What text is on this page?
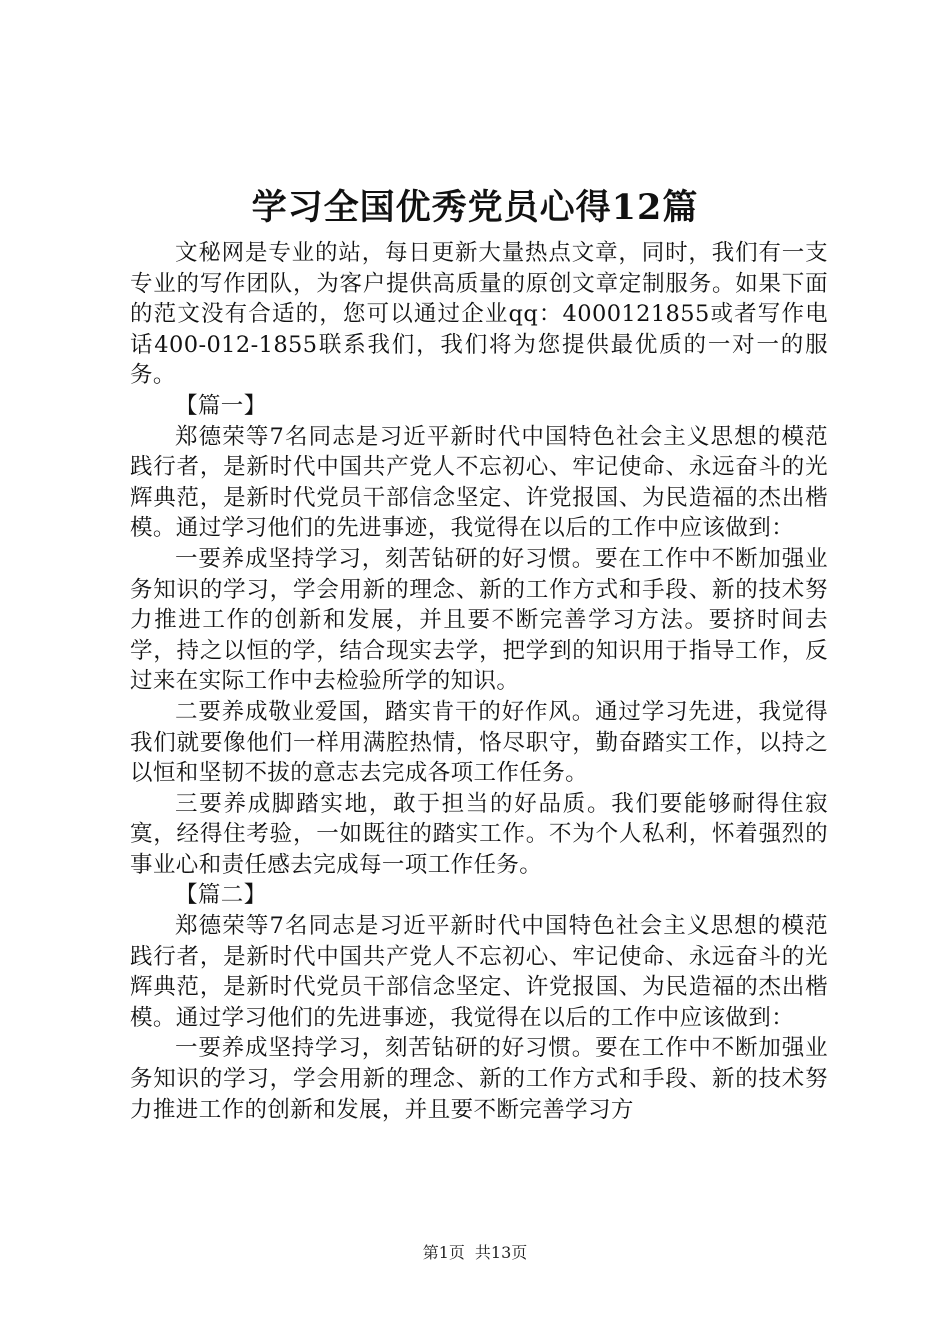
学习全国优秀党员心得12篇

文秘网是专业的站，每日更新大量热点文章，同时，我们有一支专业的写作团队，为客户提供高质量的原创文章定制服务。如果下面的范文没有合适的，您可以通过企业qq：4000121855或者写作电话400-012-1855联系我们，我们将为您提供最优质的一对一的服务。

【篇一】

郑德荣等7名同志是习近平新时代中国特色社会主义思想的模范践行者，是新时代中国共产党人不忘初心、牢记使命、永远奋斗的光辉典范，是新时代党员干部信念坚定、许党报国、为民造福的杰出楷模。通过学习他们的先进事迹，我觉得在以后的工作中应该做到：

一要养成坚持学习，刻苦钻研的好习惯。要在工作中不断加强业务知识的学习，学会用新的理念、新的工作方式和手段、新的技术努力推进工作的创新和发展，并且要不断完善学习方法。要挤时间去学，持之以恒的学，结合现实去学，把学到的知识用于指导工作，反过来在实际工作中去检验所学的知识。

二要养成敬业爱国，踏实肯干的好作风。通过学习先进，我觉得我们就要像他们一样用满腔热情，恪尽职守，勤奋踏实工作，以持之以恒和坚韧不拔的意志去完成各项工作任务。

三要养成脚踏实地，敢于担当的好品质。我们要能够耐得住寂寞，经得住考验，一如既往的踏实工作。不为个人私利，怀着强烈的事业心和责任感去完成每一项工作任务。

【篇二】

郑德荣等7名同志是习近平新时代中国特色社会主义思想的模范践行者，是新时代中国共产党人不忘初心、牢记使命、永远奋斗的光辉典范，是新时代党员干部信念坚定、许党报国、为民造福的杰出楷模。通过学习他们的先进事迹，我觉得在以后的工作中应该做到：

一要养成坚持学习，刻苦钻研的好习惯。要在工作中不断加强业务知识的学习，学会用新的理念、新的工作方式和手段、新的技术努力推进工作的创新和发展，并且要不断完善学习方

第1页 共13页
